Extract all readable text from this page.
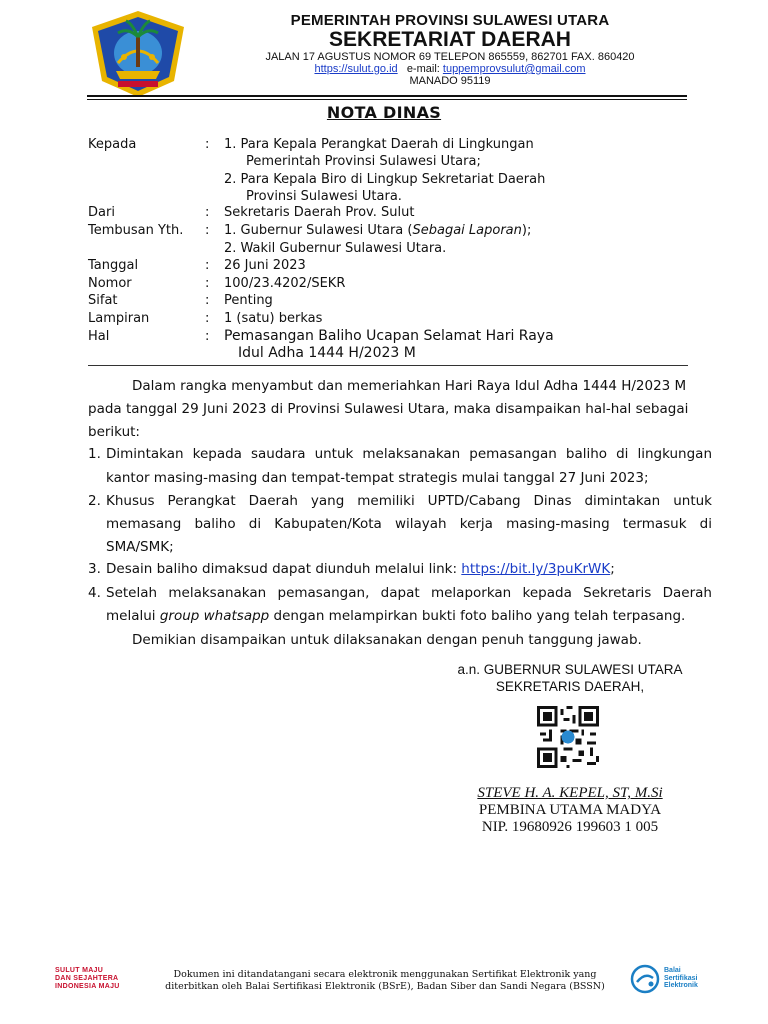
PEMERINTAH PROVINSI SULAWESI UTARA
SEKRETARIAT DAERAH
JALAN 17 AGUSTUS NOMOR 69 TELEPON 865559, 862701 FAX. 860420
https://sulut.go.id e-mail: tuppemprovsulut@gmail.com
MANADO 95119
NOTA DINAS
Kepada	: 1. Para Kepala Perangkat Daerah di Lingkungan
Pemerintah Provinsi Sulawesi Utara;
2. Para Kepala Biro di Lingkup Sekretariat Daerah
Provinsi Sulawesi Utara.
Dari	: Sekretaris Daerah Prov. Sulut
Tembusan Yth. : 1. Gubernur Sulawesi Utara (Sebagai Laporan);
2. Wakil Gubernur Sulawesi Utara.
Tanggal	: 26 Juni 2023
Nomor	: 100/23.4202/SEKR
Sifat	: Penting
Lampiran	: 1 (satu) berkas
Hal	: Pemasangan Baliho Ucapan Selamat Hari Raya
Idul Adha 1444 H/2023 M
Dalam rangka menyambut dan memeriahkan Hari Raya Idul Adha 1444 H/2023 M
pada tanggal 29 Juni 2023 di Provinsi Sulawesi Utara, maka disampaikan hal-hal sebagai
berikut:
1. Dimintakan kepada saudara untuk melaksanakan pemasangan baliho di lingkungan
kantor masing-masing dan tempat-tempat strategis mulai tanggal 27 Juni 2023;
2. Khusus Perangkat Daerah yang memiliki UPTD/Cabang Dinas dimintakan untuk
memasang baliho di Kabupaten/Kota wilayah kerja masing-masing termasuk di
SMA/SMK;
3. Desain baliho dimaksud dapat diunduh melalui link: https://bit.ly/3puKrWK;
4. Setelah melaksanakan pemasangan, dapat melaporkan kepada Sekretaris Daerah
melalui group whatsapp dengan melampirkan bukti foto baliho yang telah terpasang.
Demikian disampaikan untuk dilaksanakan dengan penuh tanggung jawab.
a.n. GUBERNUR SULAWESI UTARA
SEKRETARIS DAERAH,
STEVE H. A. KEPEL, ST, M.Si
PEMBINA UTAMA MADYA
NIP. 19680926 199603 1 005
SULUT MAJU
DAN SEJAHTERA
INDONESIA MAJU
Dokumen ini ditandatangani secara elektronik menggunakan Sertifikat Elektronik yang
diterbitkan oleh Balai Sertifikasi Elektronik (BSrE), Badan Siber dan Sandi Negara (BSSN)
Balai
Sertifikasi
Elektronik
